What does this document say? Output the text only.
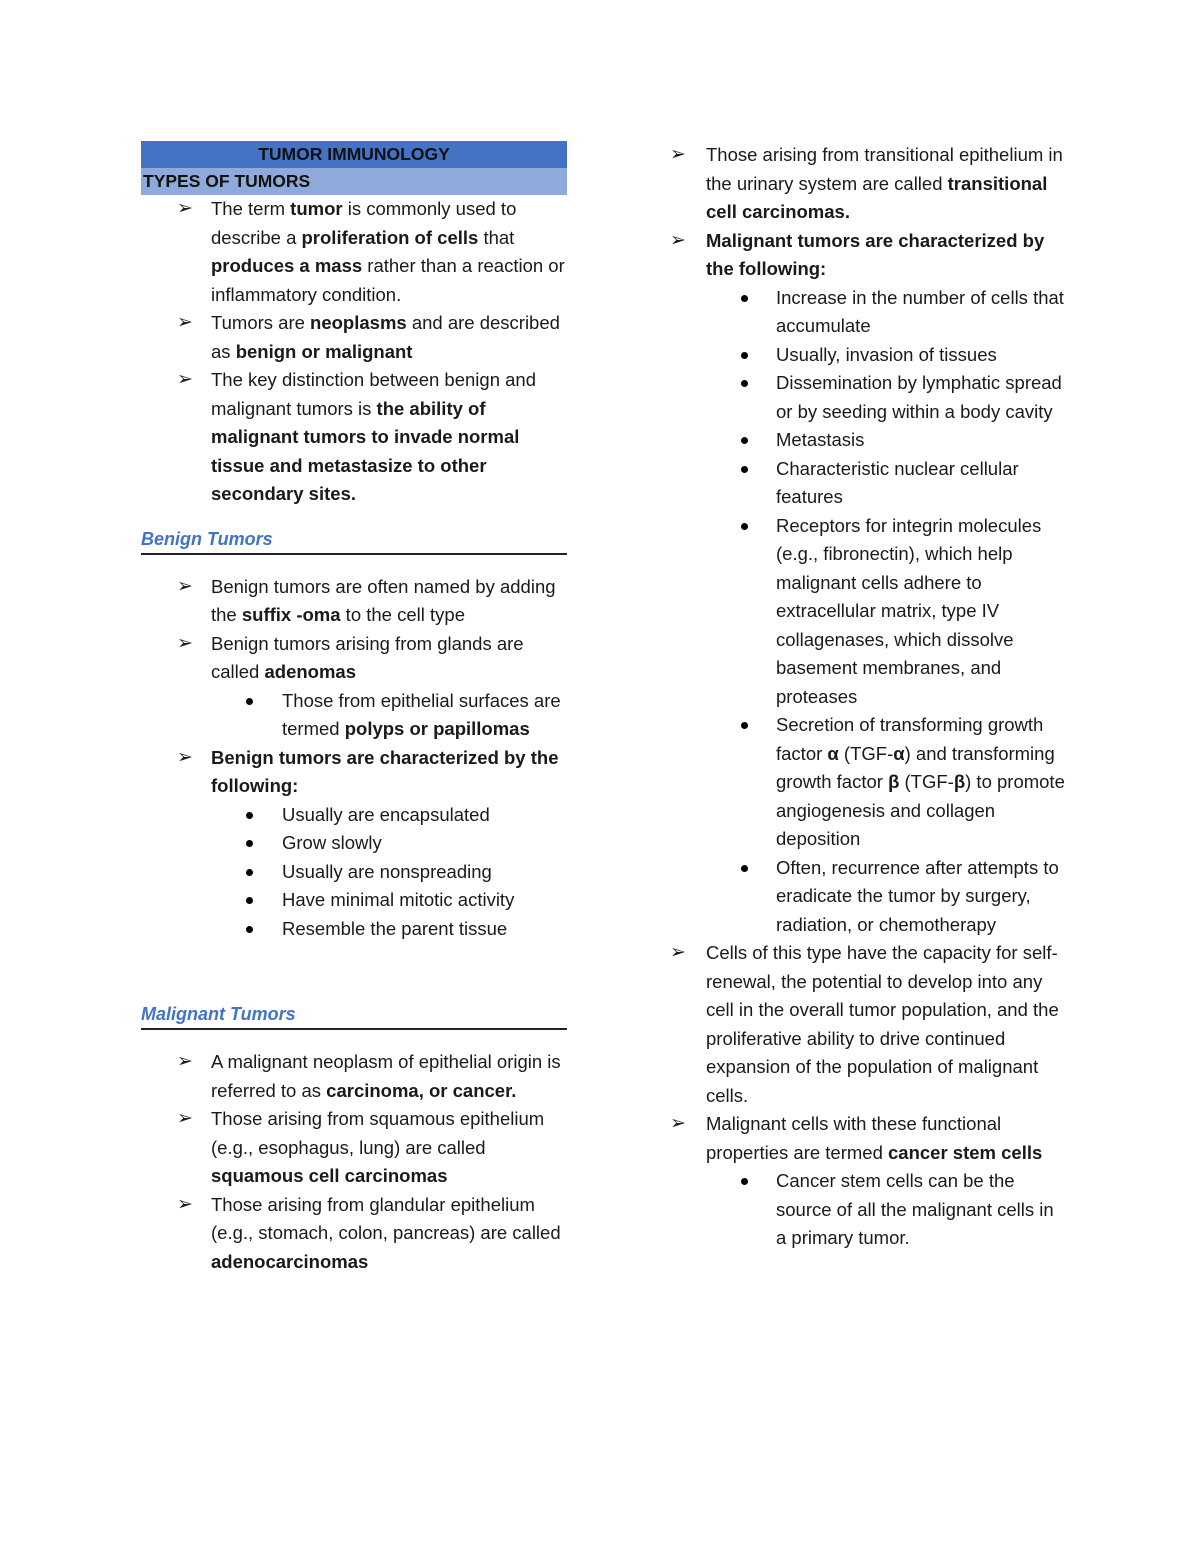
TUMOR IMMUNOLOGY
TYPES OF TUMORS
➢ The term tumor is commonly used to describe a proliferation of cells that produces a mass rather than a reaction or inflammatory condition.
➢ Tumors are neoplasms and are described as benign or malignant
➢ The key distinction between benign and malignant tumors is the ability of malignant tumors to invade normal tissue and metastasize to other secondary sites.
Benign Tumors
➢ Benign tumors are often named by adding the suffix -oma to the cell type
➢ Benign tumors arising from glands are called adenomas
Those from epithelial surfaces are termed polyps or papillomas
➢ Benign tumors are characterized by the following:
Usually are encapsulated
Grow slowly
Usually are nonspreading
Have minimal mitotic activity
Resemble the parent tissue
Malignant Tumors
➢ A malignant neoplasm of epithelial origin is referred to as carcinoma, or cancer.
➢ Those arising from squamous epithelium (e.g., esophagus, lung) are called squamous cell carcinomas
➢ Those arising from glandular epithelium (e.g., stomach, colon, pancreas) are called adenocarcinomas
➢ Those arising from transitional epithelium in the urinary system are called transitional cell carcinomas.
➢ Malignant tumors are characterized by the following:
Increase in the number of cells that accumulate
Usually, invasion of tissues
Dissemination by lymphatic spread or by seeding within a body cavity
Metastasis
Characteristic nuclear cellular features
Receptors for integrin molecules (e.g., fibronectin), which help malignant cells adhere to extracellular matrix, type IV collagenases, which dissolve basement membranes, and proteases
Secretion of transforming growth factor α (TGF-α) and transforming growth factor β (TGF-β) to promote angiogenesis and collagen deposition
Often, recurrence after attempts to eradicate the tumor by surgery, radiation, or chemotherapy
➢ Cells of this type have the capacity for self-renewal, the potential to develop into any cell in the overall tumor population, and the proliferative ability to drive continued expansion of the population of malignant cells.
➢ Malignant cells with these functional properties are termed cancer stem cells
Cancer stem cells can be the source of all the malignant cells in a primary tumor.
